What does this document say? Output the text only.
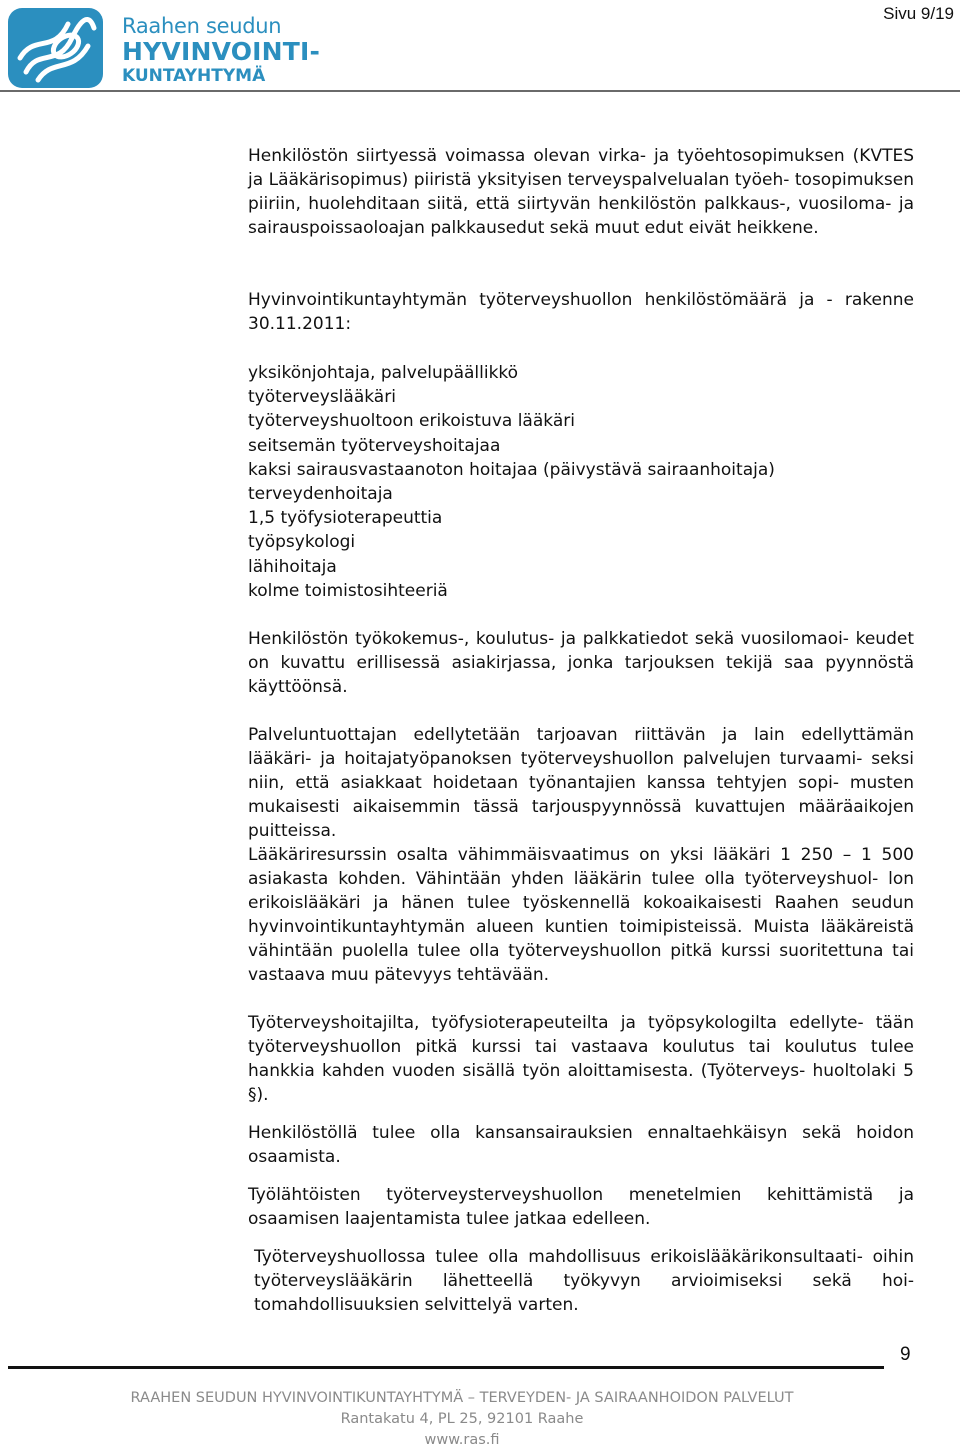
Raahen seudun
HYVINVOINTI-
KUNTAYHTYMÄ
Sivu 9/19

Henkilöstön siirtyessä voimassa olevan virka- ja työehtosopimuksen (KVTES ja Lääkärisopimus) piiristä yksityisen terveyspalvelualan työeh- tosopimuksen piiriin, huolehditaan siitä, että siirtyvän henkilöstön palkkaus-, vuosiloma- ja sairauspoissaoloajan palkkausedut sekä muut edut eivät heikkene.

Hyvinvointikuntayhtymän työterveyshuollon henkilöstömäärä ja - rakenne 30.11.2011:

yksikönjohtaja, palvelupäällikkö
työterveyslääkäri
työterveyshuoltoon erikoistuva lääkäri
seitsemän työterveyshoitajaa
kaksi sairausvastaanoton hoitajaa (päivystävä sairaanhoitaja)
terveydenhoitaja
1,5 työfysioterapeuttia
työpsykologi
lähihoitaja
kolme toimistosihteeriä

Henkilöstön työkokemus-, koulutus- ja palkkatiedot sekä vuosilomaoi- keudet on kuvattu erillisessä asiakirjassa, jonka tarjouksen tekijä saa pyynnöstä käyttöönsä.

Palveluntuottajan edellytetään tarjoavan riittävän ja lain edellyttämän lääkäri- ja hoitajatyöpanoksen työterveyshuollon palvelujen turvaami- seksi niin, että asiakkaat hoidetaan työnantajien kanssa tehtyjen sopi- musten mukaisesti aikaisemmin tässä tarjouspyynnössä kuvattujen määräaikojen puitteissa.

Lääkäriresurssin osalta vähimmäisvaatimus on yksi lääkäri 1 250 – 1 500 asiakasta kohden. Vähintään yhden lääkärin tulee olla työterveyshuol- lon erikoislääkäri ja hänen tulee työskennellä kokoaikaisesti Raahen seudun hyvinvointikuntayhtymän alueen kuntien toimipisteissä. Muista lääkäreistä vähintään puolella tulee olla työterveyshuollon pitkä kurssi suoritettuna tai vastaava muu pätevyys tehtävään.

Työterveyshoitajilta, työfysioterapeuteilta ja työpsykologilta edellyte- tään työterveyshuollon pitkä kurssi tai vastaava koulutus tai koulutus tulee hankkia kahden vuoden sisällä työn aloittamisesta. (Työterveys- huoltolaki 5 §).

Henkilöstöllä tulee olla kansansairauksien ennaltaehkäisyn sekä hoidon osaamista.

Työlähtöisten työterveysterveyshuollon menetelmien kehittämistä ja osaamisen laajentamista tulee jatkaa edelleen.

Työterveyshuollossa tulee olla mahdollisuus erikoislääkärikonsultaati- oihin työterveyslääkärin lähetteellä työkyvyn arvioimiseksi sekä hoi- tomahdollisuuksien selvittelyä varten.

9
RAAHEN SEUDUN HYVINVOINTIKUNTAYHTYMÄ – TERVEYDEN- JA SAIRAANHOIDON PALVELUT
Rantakatu 4, PL 25, 92101 Raahe
www.ras.fi
